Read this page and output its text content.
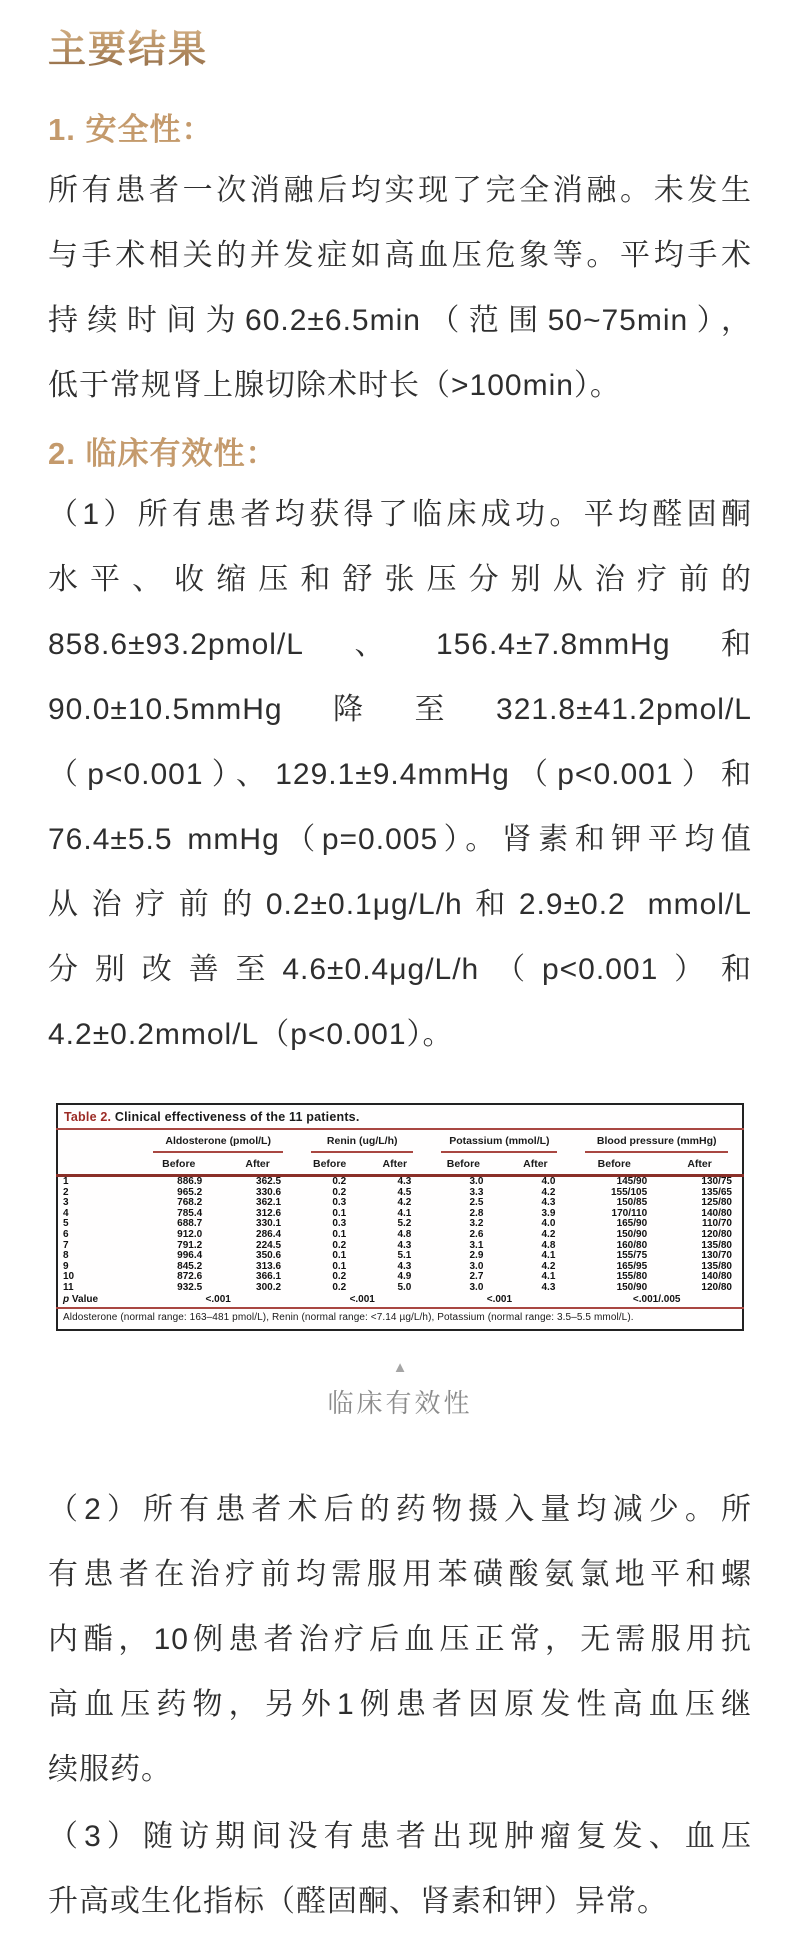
主要结果
1. 安全性：
所有患者一次消融后均实现了完全消融。未发生
与手术相关的并发症如高血压危象等。平均手术
持续时间为60.2±6.5min（范围50~75min），
低于常规肾上腺切除术时长（>100min）。
2. 临床有效性：
（1）所有患者均获得了临床成功。平均醛固酮
水平、收缩压和舒张压分别从治疗前的
858.6±93.2pmol/L、156.4±7.8mmHg和
90.0±10.5mmHg降至321.8±41.2pmol/L
（p<0.001）、129.1±9.4mmHg（p<0.001）和
76.4±5.5 mmHg（p=0.005）。肾素和钾平均值
从治疗前的0.2±0.1μg/L/h和2.9±0.2 mmol/L
分别改善至4.6±0.4μg/L/h（p<0.001）和
4.2±0.2mmol/L（p<0.001）。
Table 2. Clinical effectiveness of the 11 patients.								

	Aldosterone (pmol/L)		Renin (ug/L/h)		Potassium (mmol/L)		Blood pressure (mmHg)	

	Before	After	Before	After	Before	After	Before	After
1	886.9	362.5	0.2	4.3	3.0	4.0	145/90	130/75
2	965.2	330.6	0.2	4.5	3.3	4.2	155/105	135/65
3	768.2	362.1	0.3	4.2	2.5	4.3	150/85	125/80
4	785.4	312.6	0.1	4.1	2.8	3.9	170/110	140/80
5	688.7	330.1	0.3	5.2	3.2	4.0	165/90	110/70
6	912.0	286.4	0.1	4.8	2.6	4.2	150/90	120/80
7	791.2	224.5	0.2	4.3	3.1	4.8	160/80	135/80
8	996.4	350.6	0.1	5.1	2.9	4.1	155/75	130/70
9	845.2	313.6	0.1	4.3	3.0	4.2	165/95	135/80
10	872.6	366.1	0.2	4.9	2.7	4.1	155/80	140/80
11	932.5	300.2	0.2	5.0	3.0	4.3	150/90	120/80
p Value	<.001		<.001		<.001		<.001/.005	
Aldosterone (normal range: 163–481 pmol/L), Renin (normal range: <7.14 µg/L/h), Potassium (normal range: 3.5–5.5 mmol/L).								
▲
临床有效性
（2）所有患者术后的药物摄入量均减少。所
有患者在治疗前均需服用苯磺酸氨氯地平和螺
内酯，10例患者治疗后血压正常，无需服用抗
高血压药物，另外1例患者因原发性高血压继
续服药。
（3）随访期间没有患者出现肿瘤复发、血压
升高或生化指标（醛固酮、肾素和钾）异常。
